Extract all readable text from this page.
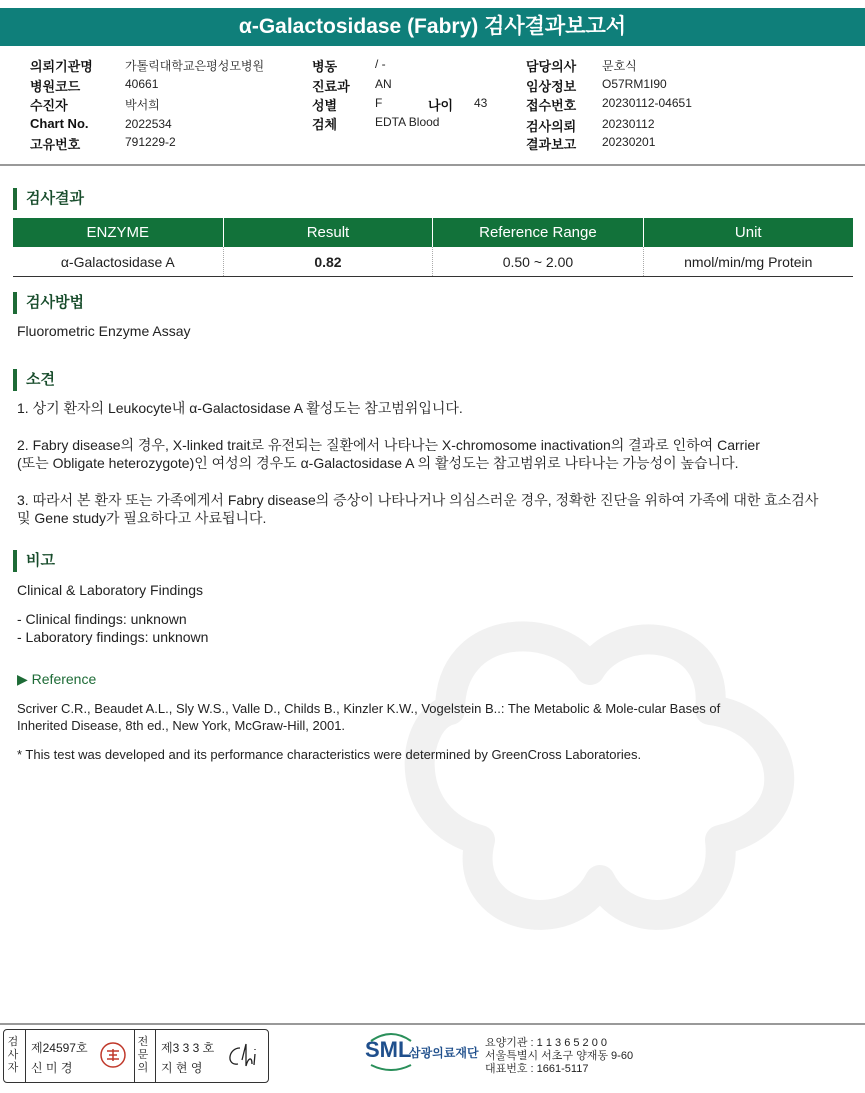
α-Galactosidase (Fabry) 검사결과보고서
의뢰기관명	가톨릭대학교은평성모병원
병원코드	40661
수진자	박서희
Chart No.	2022534
고유번호	791229-2
병동	/ -
진료과 AN
성별	F	나이 43
검체	EDTA Blood
담당의사 문호식
임상정보 O57RM1I90
접수번호 20230112-04651
검사의뢰 20230112
결과보고 20230201
검사결과
ENZYME	Result	Reference Range	Unit
α-Galactosidase A	0.82	0.50 ~ 2.00	nmol/min/mg Protein
검사방법
Fluorometric Enzyme Assay
소견
1. 상기 환자의 Leukocyte내 α-Galactosidase A 활성도는 참고범위입니다.
2. Fabry disease의 경우, X-linked trait로 유전되는 질환에서 나타나는 X-chromosome inactivation의 결과로 인하여 Carrier
(또는 Obligate heterozygote)인 여성의 경우도 α-Galactosidase A 의 활성도는 참고범위로 나타나는 가능성이 높습니다.
3. 따라서 본 환자 또는 가족에게서 Fabry disease의 증상이 나타나거나 의심스러운 경우, 정확한 진단을 위하여 가족에 대한 효소검사
및 Gene study가 필요하다고 사료됩니다.
비고
Clinical & Laboratory Findings
- Clinical findings: unknown
- Laboratory findings: unknown
▶ Reference
Scriver C.R., Beaudet A.L., Sly W.S., Valle D., Childs B., Kinzler K.W., Vogelstein B..: The Metabolic & Mole-cular Bases of
Inherited Disease, 8th ed., New York, McGraw-Hill, 2001.
* This test was developed and its performance characteristics were determined by GreenCross Laboratories.
검
사
자
제24597호
신 미 경
전
문
의
제3 3 3 호
지 현 영
SML
삼광의료재단
요양기관 : 1 1 3 6 5 2 0 0
서울특별시 서초구 양재동 9-60
대표번호 : 1661-5117
